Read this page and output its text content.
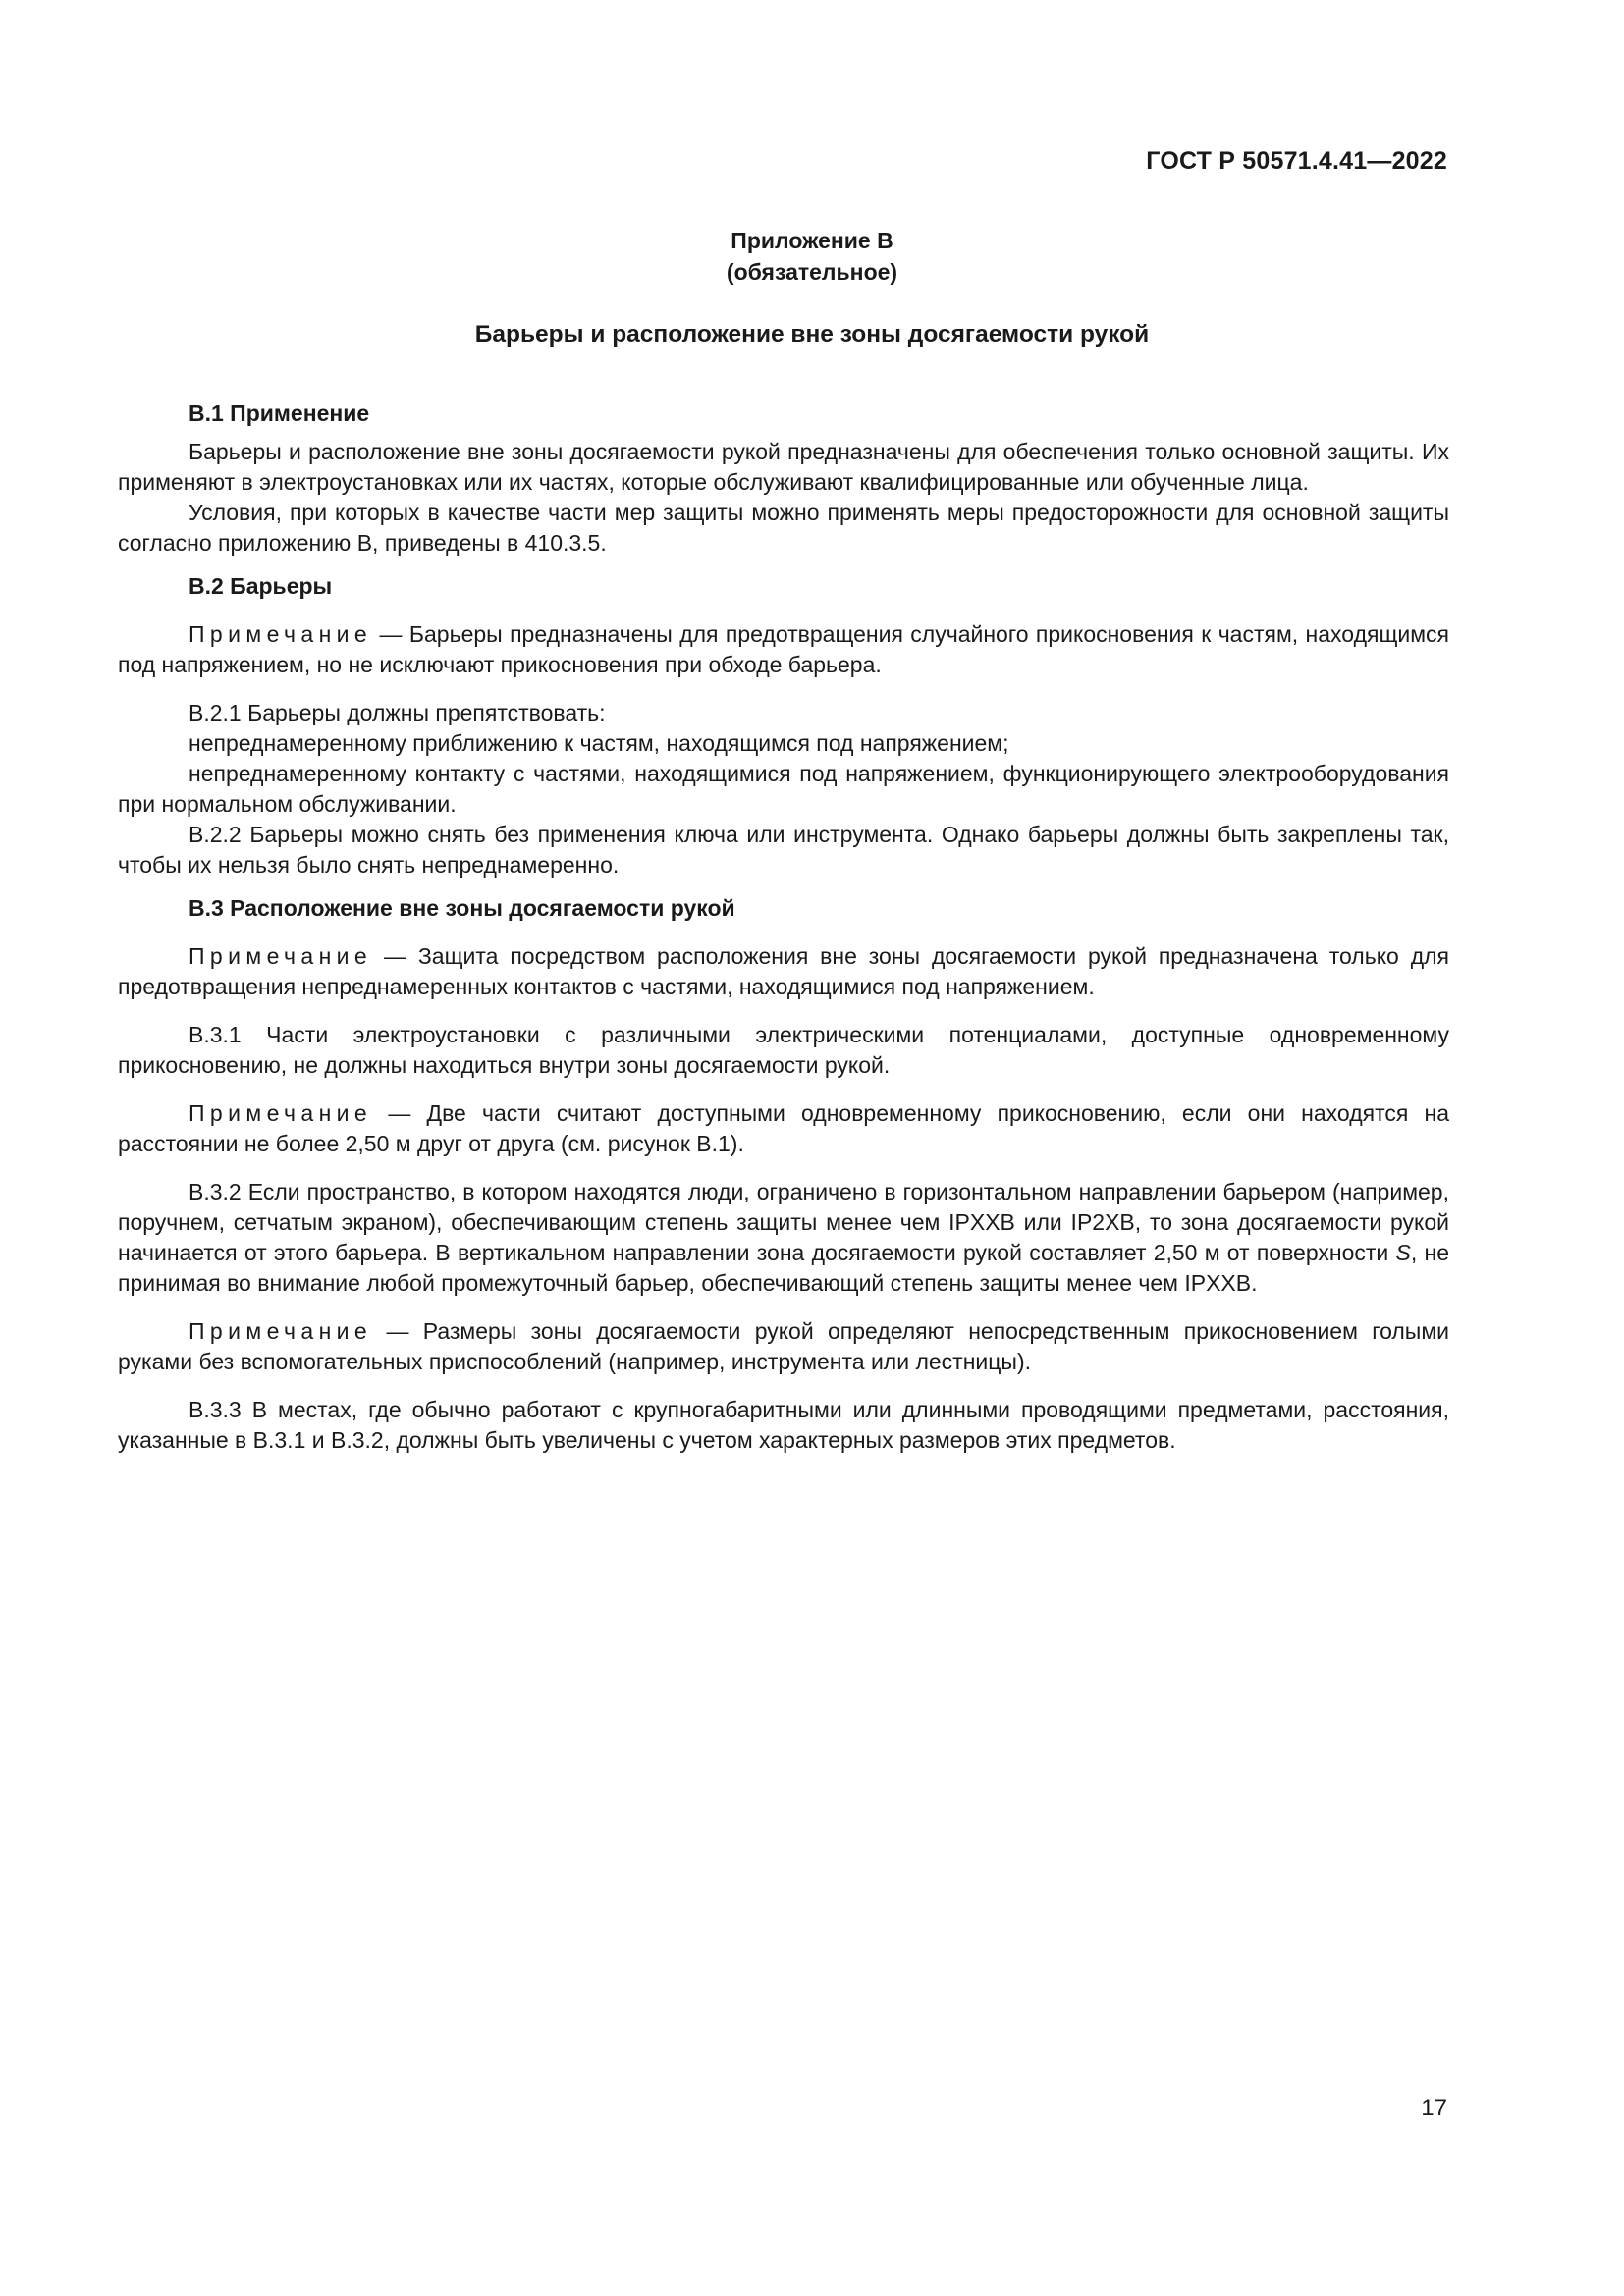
ГОСТ Р 50571.4.41—2022
Приложение В
(обязательное)
Барьеры и расположение вне зоны досягаемости рукой
В.1 Применение

Барьеры и расположение вне зоны досягаемости рукой предназначены для обеспечения только основной защиты. Их применяют в электроустановках или их частях, которые обслуживают квалифицированные или обученные лица.

Условия, при которых в качестве части мер защиты можно применять меры предосторожности для основной защиты согласно приложению В, приведены в 410.3.5.

В.2 Барьеры

Примечание — Барьеры предназначены для предотвращения случайного прикосновения к частям, находящимся под напряжением, но не исключают прикосновения при обходе барьера.

В.2.1 Барьеры должны препятствовать:

непреднамеренному приближению к частям, находящимся под напряжением;

непреднамеренному контакту с частями, находящимися под напряжением, функционирующего электрооборудования при нормальном обслуживании.

В.2.2 Барьеры можно снять без применения ключа или инструмента. Однако барьеры должны быть закреплены так, чтобы их нельзя было снять непреднамеренно.

В.3 Расположение вне зоны досягаемости рукой

Примечание — Защита посредством расположения вне зоны досягаемости рукой предназначена только для предотвращения непреднамеренных контактов с частями, находящимися под напряжением.

В.3.1 Части электроустановки с различными электрическими потенциалами, доступные одновременному прикосновению, не должны находиться внутри зоны досягаемости рукой.

Примечание — Две части считают доступными одновременному прикосновению, если они находятся на расстоянии не более 2,50 м друг от друга (см. рисунок В.1).

В.3.2 Если пространство, в котором находятся люди, ограничено в горизонтальном направлении барьером (например, поручнем, сетчатым экраном), обеспечивающим степень защиты менее чем IPXXB или IP2XB, то зона досягаемости рукой начинается от этого барьера. В вертикальном направлении зона досягаемости рукой составляет 2,50 м от поверхности S, не принимая во внимание любой промежуточный барьер, обеспечивающий степень защиты менее чем IPXXB.

Примечание — Размеры зоны досягаемости рукой определяют непосредственным прикосновением голыми руками без вспомогательных приспособлений (например, инструмента или лестницы).

В.3.3 В местах, где обычно работают с крупногабаритными или длинными проводящими предметами, расстояния, указанные в В.3.1 и В.3.2, должны быть увеличены с учетом характерных размеров этих предметов.

17
